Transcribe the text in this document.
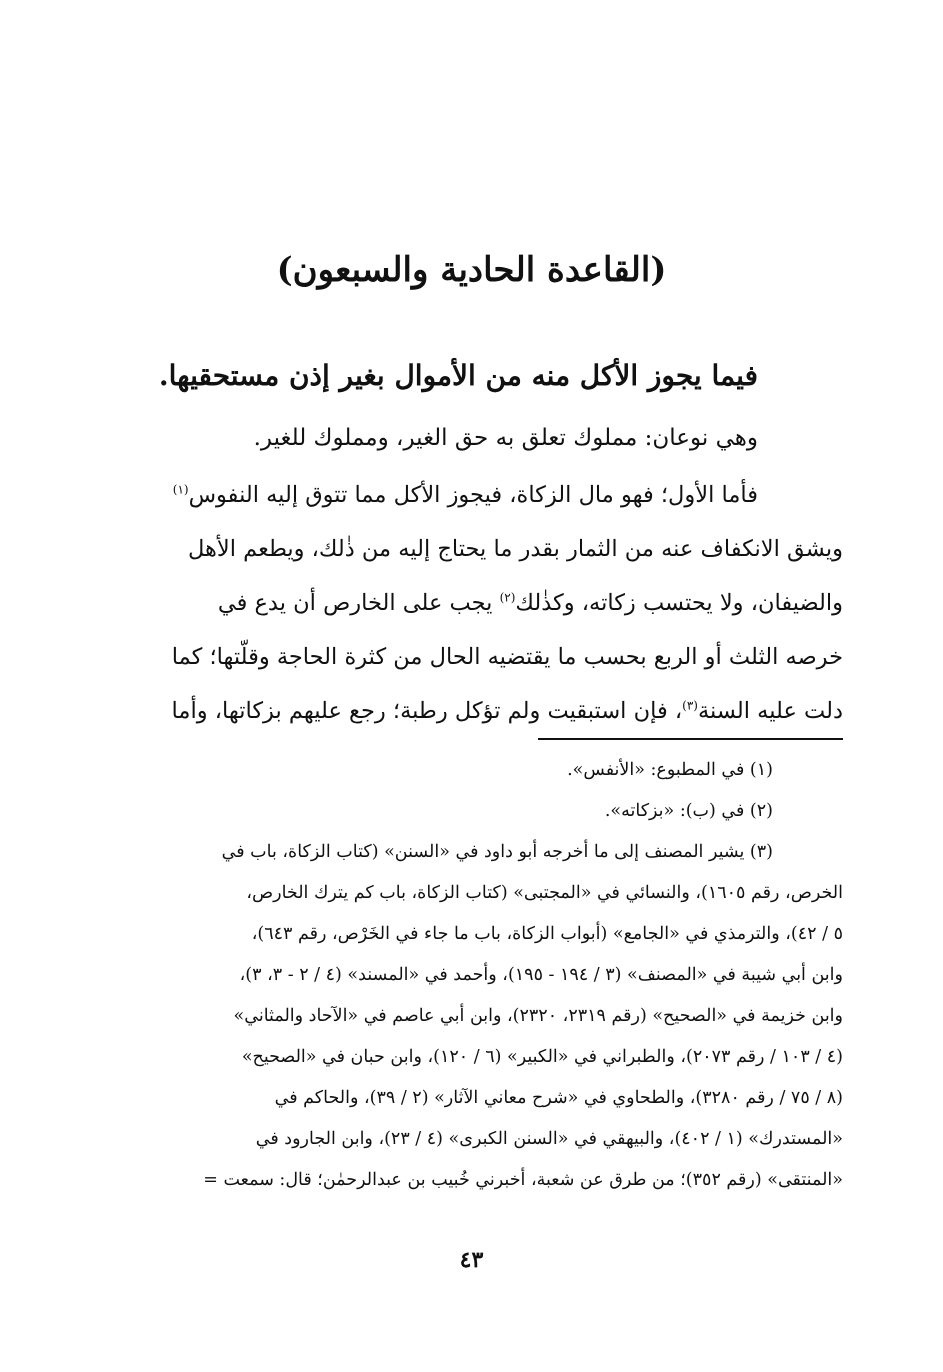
(القاعدة الحادية والسبعون)
فيما يجوز الأكل منه من الأموال بغير إذن مستحقيها.
وهي نوعان: مملوك تعلق به حق الغير، ومملوك للغير.
فأما الأول؛ فهو مال الزكاة، فيجوز الأكل مما تتوق إليه النفوس$^{(١)}$
ويشق الانكفاف عنه من الثمار بقدر ما يحتاج إليه من ذٰلك، ويطعم الأهل
والضيفان، ولا يحتسب زكاته، وكذٰلك$^{(٢)}$ يجب على الخارص أن يدع في
خرصه الثلث أو الربع بحسب ما يقتضيه الحال من كثرة الحاجة وقلّتها؛ كما
دلت عليه السنة$^{(٣)}$، فإن استبقيت ولم تؤكل رطبة؛ رجع عليهم بزكاتها، وأما
(١) في المطبوع: «الأنفس».
(٢) في (ب): «بزكاته».
(٣) يشير المصنف إلى ما أخرجه أبو داود في «السنن» (كتاب الزكاة، باب في
الخرص، رقم ١٦٠٥)، والنسائي في «المجتبى» (كتاب الزكاة، باب كم يترك الخارص،
٥ / ٤٢)، والترمذي في «الجامع» (أبواب الزكاة، باب ما جاء في الخَرْص، رقم ٦٤٣)،
وابن أبي شيبة في «المصنف» (٣ / ١٩٤ - ١٩٥)، وأحمد في «المسند» (٤ / ٢ - ٣، ٣)،
وابن خزيمة في «الصحيح» (رقم ٢٣١٩، ٢٣٢٠)، وابن أبي عاصم في «الآحاد والمثاني»
(٤ / ١٠٣ / رقم ٢٠٧٣)، والطبراني في «الكبير» (٦ / ١٢٠)، وابن حبان في «الصحيح»
(٨ / ٧٥ / رقم ٣٢٨٠)، والطحاوي في «شرح معاني الآثار» (٢ / ٣٩)، والحاكم في
«المستدرك» (١ / ٤٠٢)، والبيهقي في «السنن الكبرى» (٤ / ٢٣)، وابن الجارود في
«المنتقى» (رقم ٣٥٢)؛ من طرق عن شعبة، أخبرني خُبيب بن عبدالرحمٰن؛ قال: سمعت =
٤٣
